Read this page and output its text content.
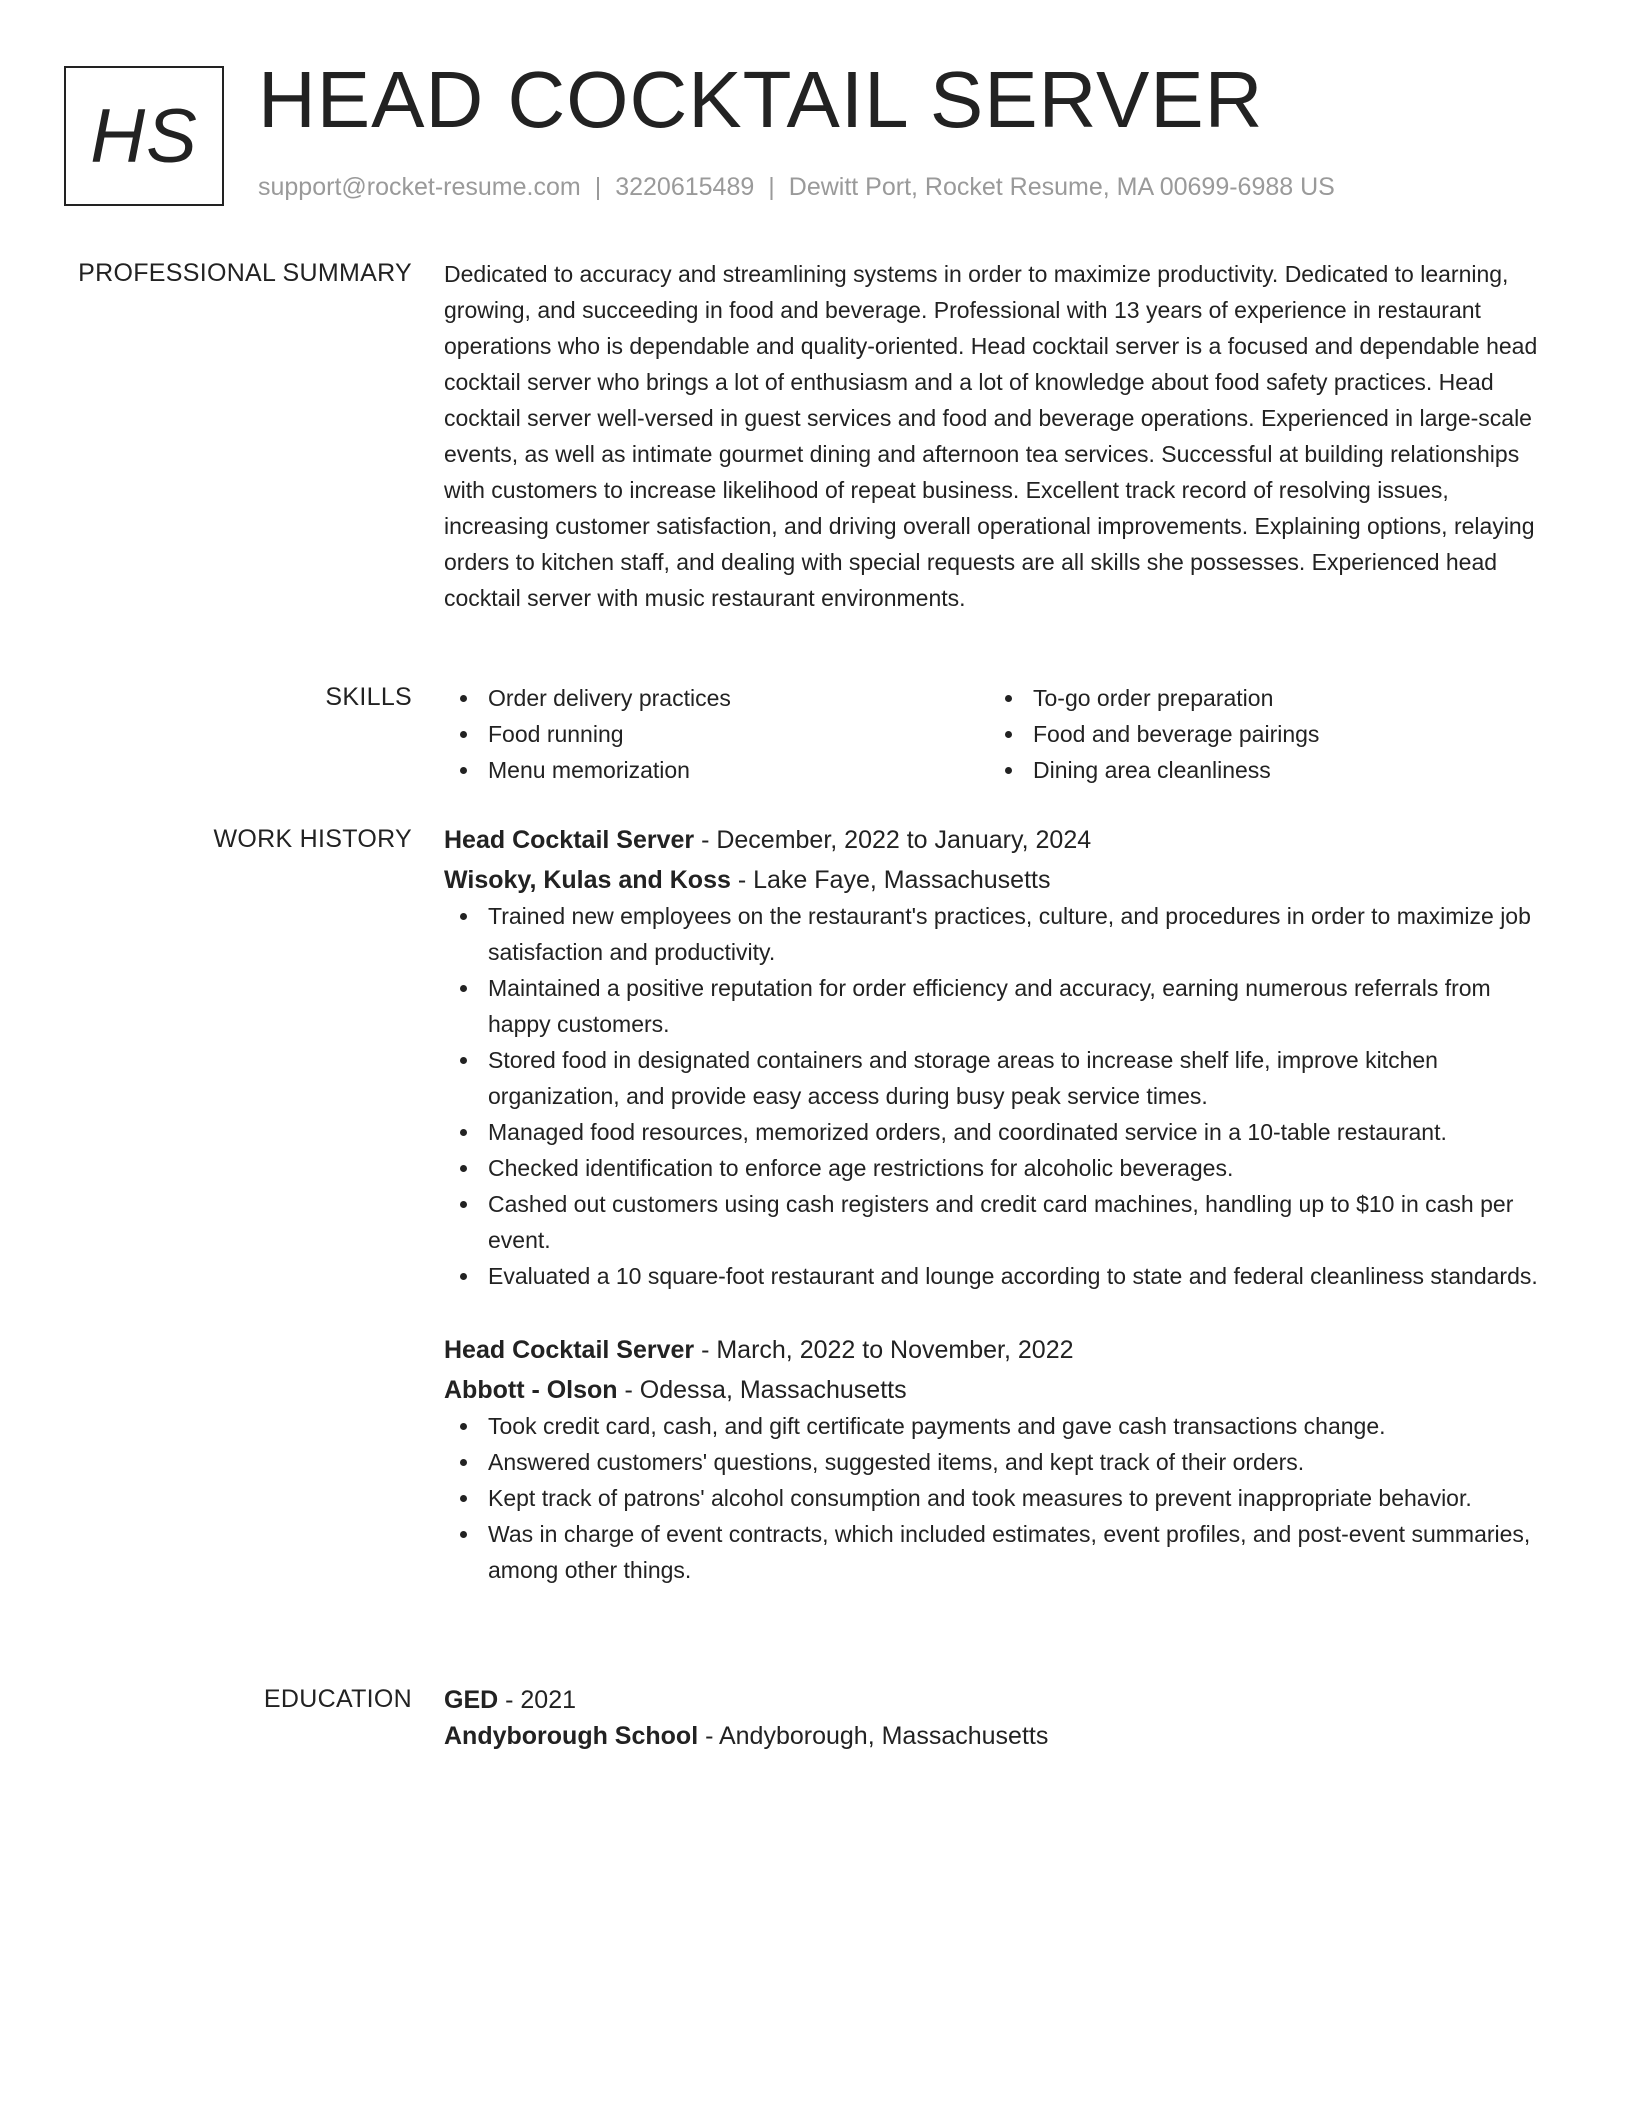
HS HEAD COCKTAIL SERVER
support@rocket-resume.com | 3220615489 | Dewitt Port, Rocket Resume, MA 00699-6988 US
PROFESSIONAL SUMMARY Dedicated to accuracy and streamlining systems in order to maximize productivity. Dedicated to learning, growing, and succeeding in food and beverage. Professional with 13 years of experience in restaurant operations who is dependable and quality-oriented. Head cocktail server is a focused and dependable head cocktail server who brings a lot of enthusiasm and a lot of knowledge about food safety practices. Head cocktail server well-versed in guest services and food and beverage operations. Experienced in large-scale events, as well as intimate gourmet dining and afternoon tea services. Successful at building relationships with customers to increase likelihood of repeat business. Excellent track record of resolving issues, increasing customer satisfaction, and driving overall operational improvements. Explaining options, relaying orders to kitchen staff, and dealing with special requests are all skills she possesses. Experienced head cocktail server with music restaurant environments.

SKILLS	Order delivery practices
Food running
Menu memorization
To-go order preparation
Food and beverage pairings
Dining area cleanliness
WORK HISTORY Head Cocktail Server - December, 2022 to January, 2024
Wisoky, Kulas and Koss - Lake Faye, Massachusetts
Trained new employees on the restaurant's practices, culture, and procedures in order to maximize job satisfaction and productivity.
Maintained a positive reputation for order efficiency and accuracy, earning numerous referrals from happy customers.
Stored food in designated containers and storage areas to increase shelf life, improve kitchen organization, and provide easy access during busy peak service times.
Managed food resources, memorized orders, and coordinated service in a 10-table restaurant.
Checked identification to enforce age restrictions for alcoholic beverages.
Cashed out customers using cash registers and credit card machines, handling up to $10 in cash per event.
Evaluated a 10 square-foot restaurant and lounge according to state and federal cleanliness standards.
Head Cocktail Server - March, 2022 to November, 2022
Abbott - Olson - Odessa, Massachusetts
Took credit card, cash, and gift certificate payments and gave cash transactions change.
Answered customers' questions, suggested items, and kept track of their orders.
Kept track of patrons' alcohol consumption and took measures to prevent inappropriate behavior.
Was in charge of event contracts, which included estimates, event profiles, and post-event summaries, among other things.
EDUCATION GED - 2021
Andyborough School - Andyborough, Massachusetts
